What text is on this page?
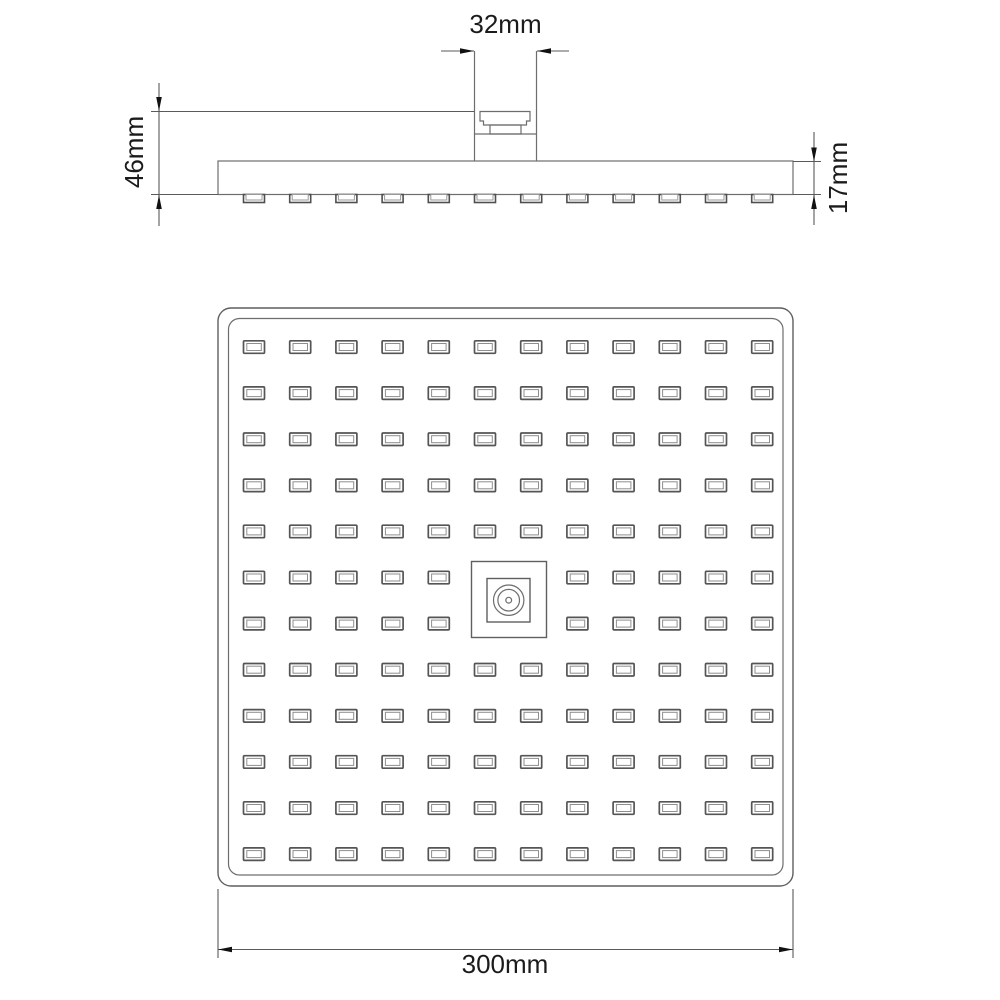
32mm
46mm	17mm
300mm
